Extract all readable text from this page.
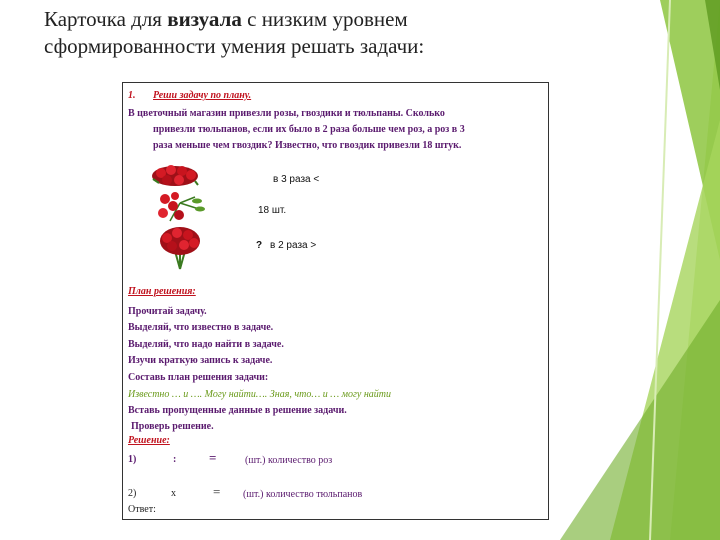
Карточка для визуала с низким уровнем
сформированности умения решать задачи:
1. Реши задачу по плану.
В цветочный магазин привезли розы, гвоздики и тюльпаны. Сколько
привезли тюльпанов, если их было в 2 раза больше чем роз, а роз в 3
раза меньше чем гвоздик? Известно, что гвоздик привезли 18 штук.
в 3 раза <
18 шт.
? в 2 раза >
План решения:
Прочитай задачу.
Выделяй, что известно в задаче.
Выделяй, что надо найти в задаче.
Изучи краткую запись к задаче.
Составь план решения задачи:
Известно … и …. Могу найти…. Зная, что… и … могу найти
Вставь пропущенные данные в решение задачи.
Проверь решение.
Решение:
1)	:	=	(шт.) количество роз
2)	х	= (шт.) количество тюльпанов
Ответ:
